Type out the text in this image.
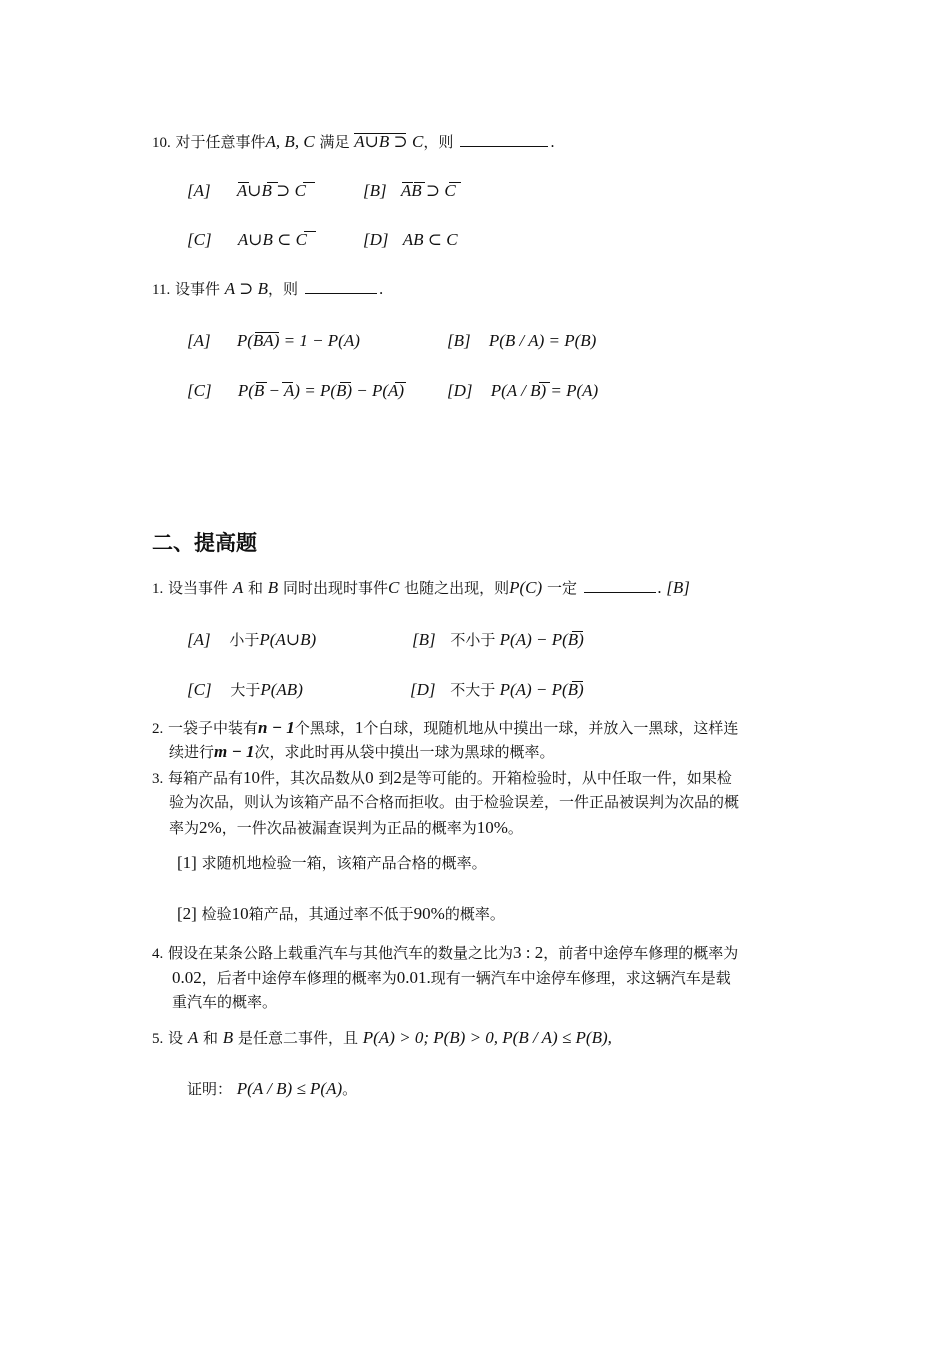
10. 对于任意事件A, B, C 满足 A∪B ⊃ C
，则	.
[A] A∪B ⊃ C	[B] AB ⊃ C
[C] A∪B ⊂ C	[D] AB ⊂ C
11. 设事件 A ⊃ B，则	.
[A] P(BA) = 1 − P(A)	[B] P(B / A) = P(B)
[C] P(B − A) = P(B) − P(A)	[D] P(A / B) = P(A)
二、提高题
1. 设当事件 A 和 B 同时出现时事件C 也随之出现，则P(C) 一定	. [B]
[A] 小于P(A∪B)	[B] 不小于 P(A) − P(B)
[C] 大于P(AB)	[D] 不大于 P(A) − P(B)
2. 一袋子中装有n − 1个黑球，1个白球，现随机地从中摸出一球，并放入一黑球，这样连
续进行m − 1次，求此时再从袋中摸出一球为黑球的概率。
3. 每箱产品有10件，其次品数从0 到2是等可能的。开箱检验时，从中任取一件，如果检
验为次品，则认为该箱产品不合格而拒收。由于检验误差，一件正品被误判为次品的概
率为2%，一件次品被漏查误判为正品的概率为10%。
[1] 求随机地检验一箱，该箱产品合格的概率。
[2] 检验10箱产品，其通过率不低于90%的概率。
4. 假设在某条公路上载重汽车与其他汽车的数量之比为3 : 2，前者中途停车修理的概率为
0.02，后者中途停车修理的概率为0.01.现有一辆汽车中途停车修理，求这辆汽车是载
重汽车的概率。
5. 设 A 和 B 是任意二事件，且 P(A) > 0; P(B) > 0, P(B / A) ≤ P(B),
证明： P(A / B) ≤ P(A)。
